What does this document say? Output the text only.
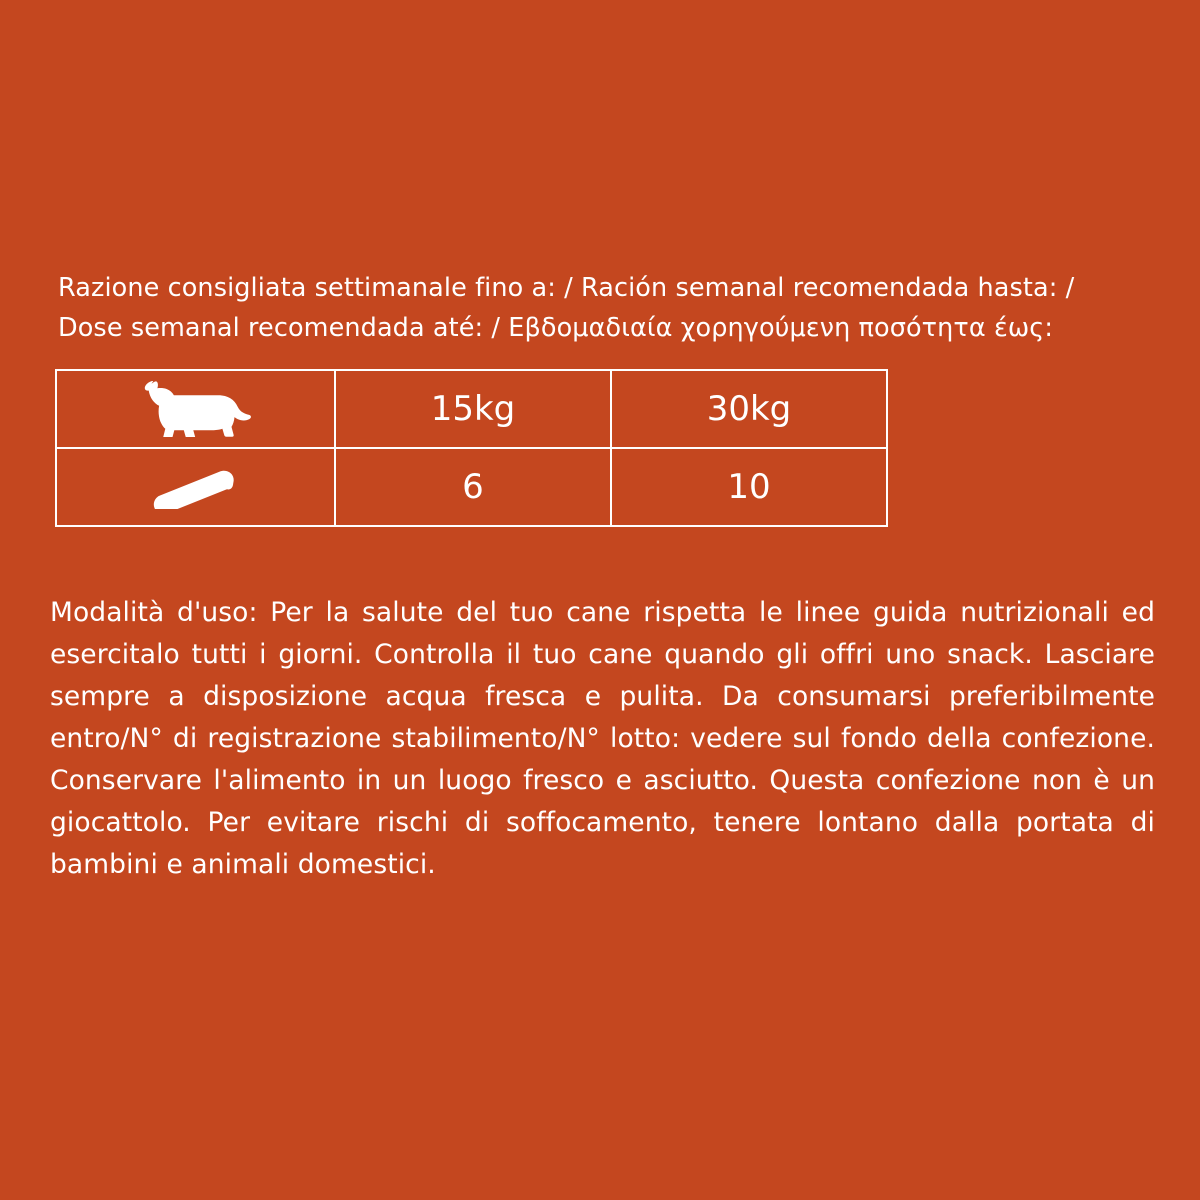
Razione consigliata settimanale fino a: / Ración semanal recomendada hasta: /
Dose semanal recomendada até: / Εβδομαδιαία χορηγούμενη ποσότητα έως:
	15kg	30kg
	6	10
Modalità d'uso: Per la salute del tuo cane rispetta le linee guida nutrizionali ed esercitalo tutti i giorni. Controlla il tuo cane quando gli offri uno snack. Lasciare sempre a disposizione acqua fresca e pulita. Da consumarsi preferibilmente entro/N° di registrazione stabilimento/N° lotto: vedere sul fondo della confezione. Conservare l'alimento in un luogo fresco e asciutto. Questa confezione non è un giocattolo. Per evitare rischi di soffocamento, tenere lontano dalla portata di bambini e animali domestici.
